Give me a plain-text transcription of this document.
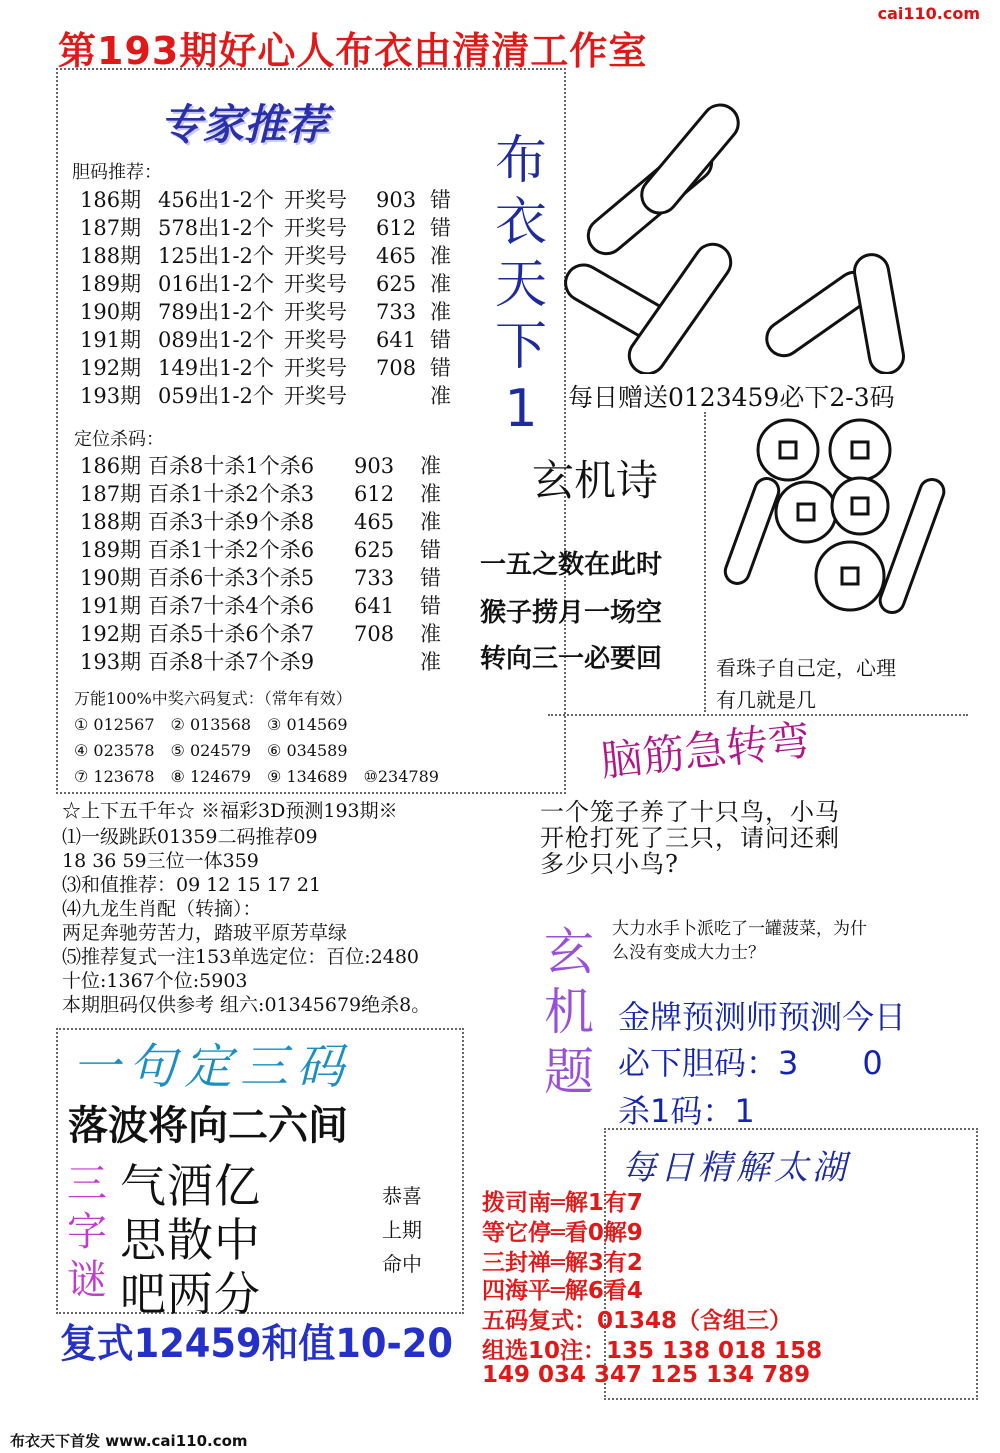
第193期好心人布衣由清清工作室
cai110.com
专家推荐
胆码推荐：
186期 456出1-2个 开奖号 903 错
187期 578出1-2个 开奖号 612 错
188期 125出1-2个 开奖号 465 准
189期 016出1-2个 开奖号 625 准
190期 789出1-2个 开奖号 733 准
191期 089出1-2个 开奖号 641 错
192期 149出1-2个 开奖号 708 错
193期 059出1-2个 开奖号	准
定位杀码：
186期 百杀8十杀1个杀6 903 准
187期 百杀1十杀2个杀3 612 准
188期 百杀3十杀9个杀8 465 准
189期 百杀1十杀2个杀6 625 错
190期 百杀6十杀3个杀5 733 错
191期 百杀7十杀4个杀6 641 错
192期 百杀5十杀6个杀7 708 准
193期 百杀8十杀7个杀9	准
万能100%中奖六码复式：（常年有效）
① 012567　② 013568　③ 014569
④ 023578　⑤ 024579　⑥ 034589
⑦ 123678　⑧ 124679　⑨ 134689　⑩234789
☆上下五千年☆ ※福彩3D预测193期※
⑴一级跳跃01359二码推荐09
18 36 59三位一体359
⑶和值推荐：09 12 15 17 21
⑷九龙生肖配（转摘）：
两足奔驰劳苦力，踏玻平原芳草绿
⑸推荐复式一注153单选定位：百位:2480
十位:1367个位:5903
本期胆码仅供参考 组六:01345679绝杀8。
布
衣
天
下
1	每日赠送0123459必下2-3码
玄机诗
一五之数在此时
猴子捞月一场空
转向三一必要回	看珠子自己定，心理
有几就是几
脑筋急转弯
一个笼子养了十只鸟，小马
开枪打死了三只，请问还剩
多少只小鸟?
玄
机
题
大力水手卜派吃了一罐菠菜，为什
么没有变成大力士？
金牌预测师预测今日
必下胆码：3　　0
杀1码：1
一句定三码
落波将向二六间
三
字
谜
气酒亿
思散中
吧两分
恭喜
上期
命中
复式12459和值10-20
每日精解太湖
拨司南═解1有7
等它停═看0解9
三封禅═解3有2
四海平═解6看4
五码复式：01348（含组三）
组选10注：135 138 018 158
149 034 347 125 134 789
布衣天下首发 www.cai110.com
